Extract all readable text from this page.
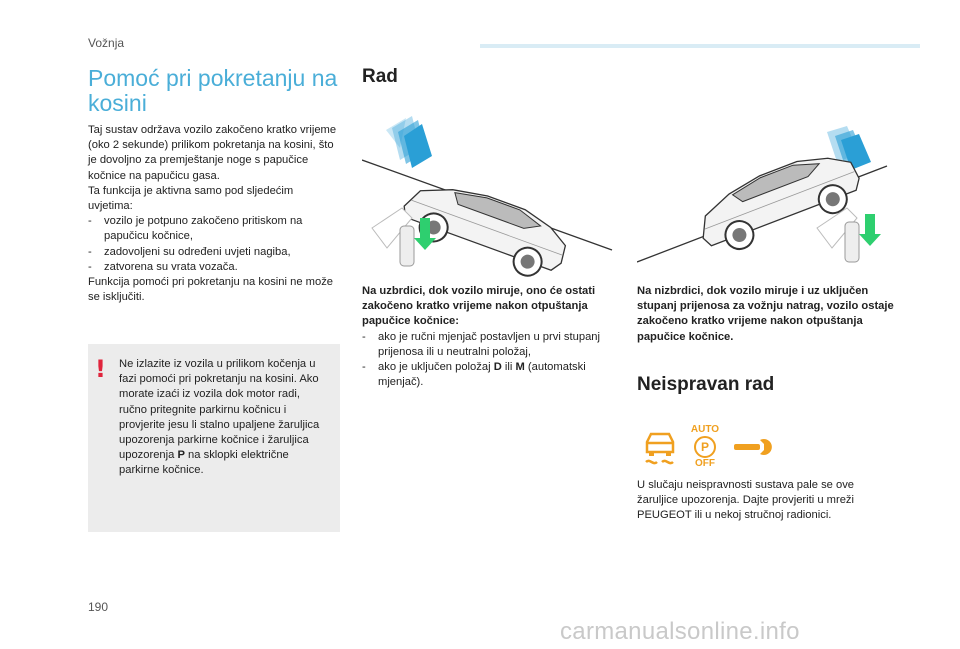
Vožnja
Pomoć pri pokretanju na kosini
Taj sustav održava vozilo zakočeno kratko vrijeme (oko 2 sekunde) prilikom pokretanja na kosini, što je dovoljno za premještanje noge s papučice kočnice na papučicu gasa.
Ta funkcija je aktivna samo pod sljedećim uvjetima:
-	vozilo je potpuno zakočeno pritiskom na papučicu kočnice,
-	zadovoljeni su određeni uvjeti nagiba,
-	zatvorena su vrata vozača.
Funkcija pomoći pri pokretanju na kosini ne može se isključiti.
! Ne izlazite iz vozila u prilikom kočenja u fazi pomoći pri pokretanju na kosini. Ako morate izaći iz vozila dok motor radi, ručno pritegnite parkirnu kočnicu i provjerite jesu li stalno upaljene žaruljica upozorenja parkirne kočnice i žaruljica upozorenja P na sklopki električne parkirne kočnice.
Rad
Na uzbrdici, dok vozilo miruje, ono će ostati zakočeno kratko vrijeme nakon otpuštanja papučice kočnice:
-	ako je ručni mjenjač postavljen u prvi stupanj prijenosa ili u neutralni položaj,
-	ako je uključen položaj D ili M (automatski mjenjač).
Na nizbrdici, dok vozilo miruje i uz uključen stupanj prijenosa za vožnju natrag, vozilo ostaje zakočeno kratko vrijeme nakon otpuštanja papučice kočnice.
Neispravan rad
AUTO
P
OFF
U slučaju neispravnosti sustava pale se ove žaruljice upozorenja. Dajte provjeriti u mreži PEUGEOT ili u nekoj stručnoj radionici.
190
carmanualsonline.info
